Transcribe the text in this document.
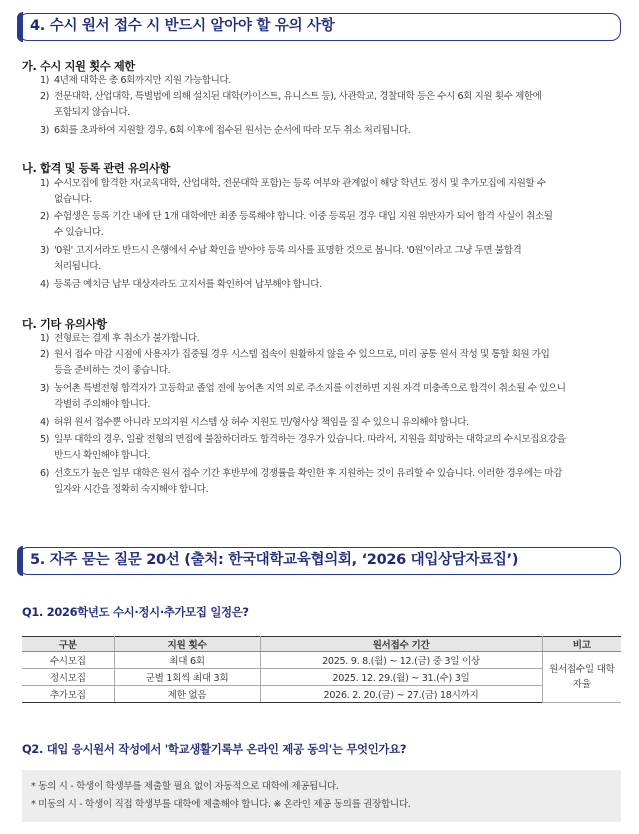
4. 수시 원서 접수 시 반드시 알아야 할 유의 사항
가. 수시 지원 횟수 제한
1) 4년제 대학은 총 6회까지만 지원 가능합니다.
2) 전문대학, 산업대학, 특별법에 의해 설치된 대학(카이스트, 유니스트 등), 사관학교, 경찰대학 등은 수시 6회 지원 횟수 제한에
포함되지 않습니다.
3) 6회를 초과하여 지원할 경우, 6회 이후에 접수된 원서는 순서에 따라 모두 취소 처리됩니다.
나. 합격 및 등록 관련 유의사항
1) 수시모집에 합격한 자(교육대학, 산업대학, 전문대학 포함)는 등록 여부와 관계없이 해당 학년도 정시 및 추가모집에 지원할 수
없습니다.
2) 수험생은 등록 기간 내에 단 1개 대학에만 최종 등록해야 합니다. 이중 등록된 경우 대입 지원 위반자가 되어 합격 사실이 취소될
수 있습니다.
3) '0원' 고지서라도 반드시 은행에서 수납 확인을 받아야 등록 의사를 표명한 것으로 봅니다. '0원'이라고 그냥 두면 불합격
처리됩니다.
4) 등록금 예치금 납부 대상자라도 고지서를 확인하여 납부해야 합니다.
다. 기타 유의사항
1) 전형료는 결제 후 취소가 불가합니다.
2) 원서 접수 마감 시점에 사용자가 집중될 경우 시스템 접속이 원활하지 않을 수 있으므로, 미리 공통 원서 작성 및 통합 회원 가입
등을 준비하는 것이 좋습니다.
3) 농어촌 특별전형 합격자가 고등학교 졸업 전에 농어촌 지역 외로 주소지를 이전하면 지원 자격 미충족으로 합격이 취소될 수 있으니
각별히 주의해야 합니다.
4) 허위 원서 접수뿐 아니라 모의지원 시스템 상 허수 지원도 민/형사상 책임을 질 수 있으니 유의해야 합니다.
5) 일부 대학의 경우, 일괄 전형의 면접에 불참하더라도 합격하는 경우가 있습니다. 따라서, 지원을 희망하는 대학교의 수시모집요강을
반드시 확인해야 합니다.
6) 선호도가 높은 일부 대학은 원서 접수 기간 후반부에 경쟁률을 확인한 후 지원하는 것이 유리할 수 있습니다. 이러한 경우에는 마감
일자와 시간을 정확히 숙지해야 합니다.
5. 자주 묻는 질문 20선 (출처: 한국대학교육협의회, ‘2026 대입상담자료집’)
Q1. 2026학년도 수시·정시·추가모집 일정은?
구분	지원 횟수	원서접수 기간	비고
수시모집	최대 6회	2025. 9. 8.(월) ~ 12.(금) 중 3일 이상	원서접수일 대학
자율

정시모집	군별 1회씩 최대 3회	2025. 12. 29.(월) ~ 31.(수) 3일	
추가모집	제한 없음	2026. 2. 20.(금) ~ 27.(금) 18시까지	
Q2. 대입 응시원서 작성에서 '학교생활기록부 온라인 제공 동의'는 무엇인가요?
* 동의 시 - 학생이 학생부를 제출할 필요 없이 자동적으로 대학에 제공됩니다.
* 미동의 시 - 학생이 직접 학생부를 대학에 제출해야 합니다. ※ 온라인 제공 동의를 권장합니다.
